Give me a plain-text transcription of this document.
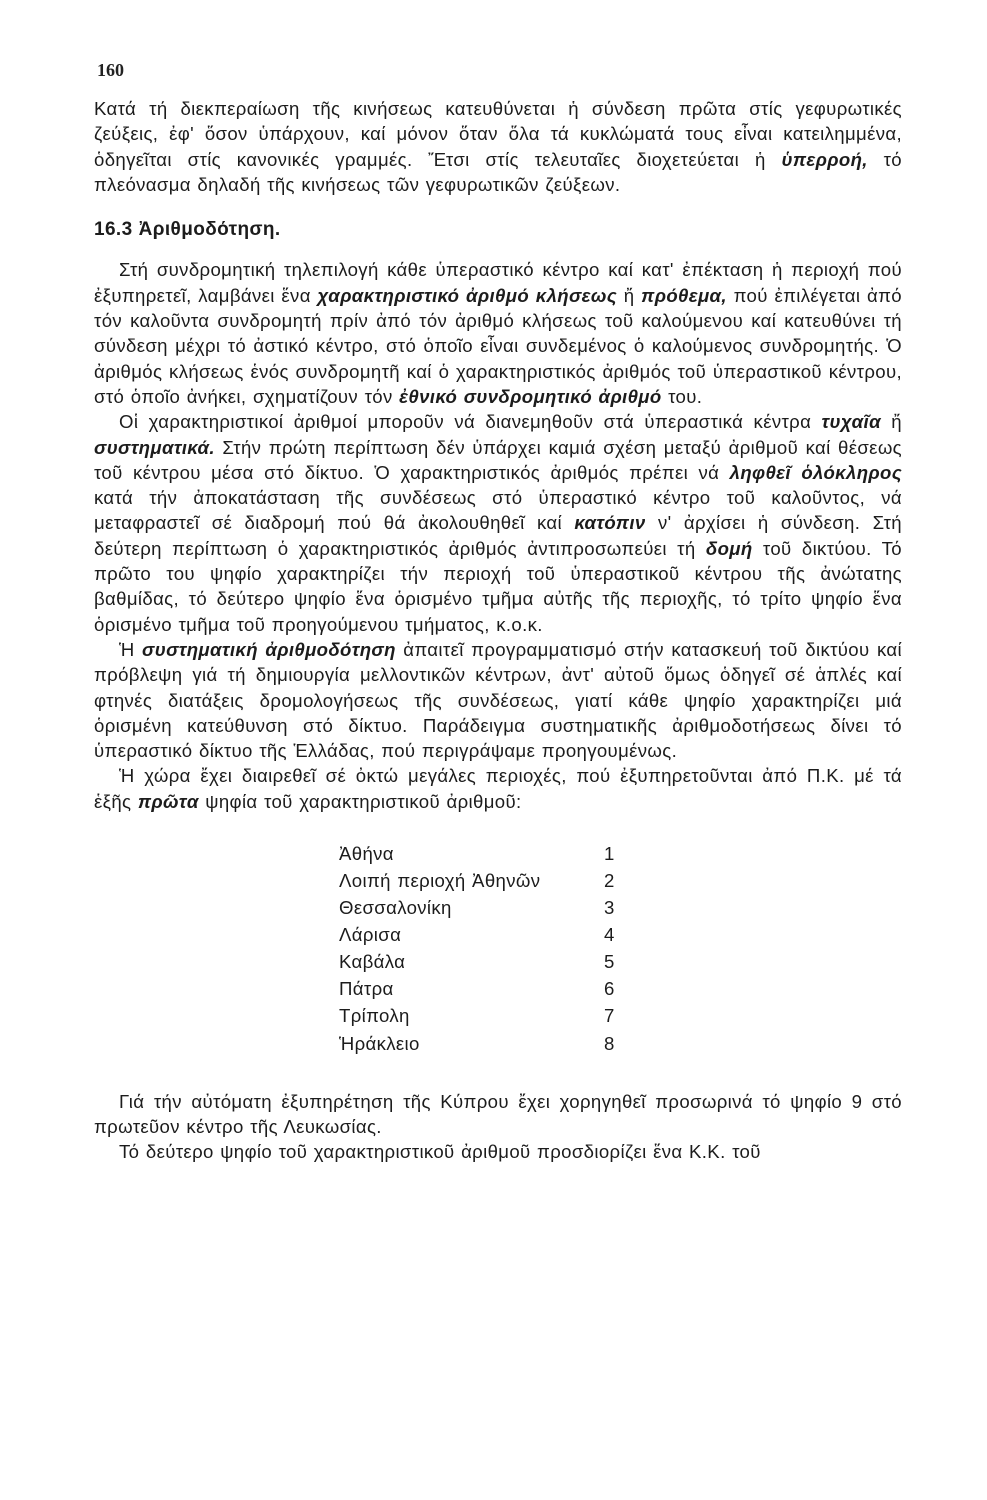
160

Κατά τή διεκπεραίωση τῆς κινήσεως κατευθύνεται ἡ σύνδεση πρῶτα στίς γεφυρωτικές ζεύξεις, ἐφ' ὅσον ὑπάρχουν, καί μόνον ὅταν ὅλα τά κυκλώματά τους εἶναι κατειλημμένα, ὁδηγεῖται στίς κανονικές γραμμές. Ἔτσι στίς τελευταῖες διοχετεύεται ἡ ὑπερροή, τό πλεόνασμα δηλαδή τῆς κινήσεως τῶν γεφυρωτικῶν ζεύξεων.

16.3 Ἀριθμοδότηση.

Στή συνδρομητική τηλεπιλογή κάθε ὑπεραστικό κέντρο καί κατ' ἐπέκταση ἡ περιοχή πού ἐξυπηρετεῖ, λαμβάνει ἕνα χαρακτηριστικό ἀριθμό κλήσεως ἤ πρόθεμα, πού ἐπιλέγεται ἀπό τόν καλοῦντα συνδρομητή πρίν ἀπό τόν ἀριθμό κλήσεως τοῦ καλούμενου καί κατευθύνει τή σύνδεση μέχρι τό ἀστικό κέντρο, στό ὁποῖο εἶναι συνδεμένος ὁ καλούμενος συνδρομητής. Ὁ ἀριθμός κλήσεως ἑνός συνδρομητῆ καί ὁ χαρακτηριστικός ἀριθμός τοῦ ὑπεραστικοῦ κέντρου, στό ὁποῖο ἀνήκει, σχηματίζουν τόν ἐθνικό συνδρομητικό ἀριθμό του.

Οἱ χαρακτηριστικοί ἀριθμοί μποροῦν νά διανεμηθοῦν στά ὑπεραστικά κέντρα τυχαῖα ἤ συστηματικά. Στήν πρώτη περίπτωση δέν ὑπάρχει καμιά σχέση μεταξύ ἀριθμοῦ καί θέσεως τοῦ κέντρου μέσα στό δίκτυο. Ὁ χαρακτηριστικός ἀριθμός πρέπει νά ληφθεῖ ὁλόκληρος κατά τήν ἀποκατάσταση τῆς συνδέσεως στό ὑπεραστικό κέντρο τοῦ καλοῦντος, νά μεταφραστεῖ σέ διαδρομή πού θά ἀκολουθηθεῖ καί κατόπιν ν' ἀρχίσει ἡ σύνδεση. Στή δεύτερη περίπτωση ὁ χαρακτηριστικός ἀριθμός ἀντιπροσωπεύει τή δομή τοῦ δικτύου. Τό πρῶτο του ψηφίο χαρακτηρίζει τήν περιοχή τοῦ ὑπεραστικοῦ κέντρου τῆς ἀνώτατης βαθμίδας, τό δεύτερο ψηφίο ἕνα ὁρισμένο τμῆμα αὐτῆς τῆς περιοχῆς, τό τρίτο ψηφίο ἕνα ὁρισμένο τμῆμα τοῦ προηγούμενου τμήματος, κ.ο.κ.

Ἡ συστηματική ἀριθμοδότηση ἀπαιτεῖ προγραμματισμό στήν κατασκευή τοῦ δικτύου καί πρόβλεψη γιά τή δημιουργία μελλοντικῶν κέντρων, ἀντ' αὐτοῦ ὅμως ὁδηγεῖ σέ ἁπλές καί φτηνές διατάξεις δρομολογήσεως τῆς συνδέσεως, γιατί κάθε ψηφίο χαρακτηρίζει μιά ὁρισμένη κατεύθυνση στό δίκτυο. Παράδειγμα συστηματικῆς ἀριθμοδοτήσεως δίνει τό ὑπεραστικό δίκτυο τῆς Ἑλλάδας, πού περιγράψαμε προηγουμένως.

Ἡ χώρα ἔχει διαιρεθεῖ σέ ὀκτώ μεγάλες περιοχές, πού ἐξυπηρετοῦνται ἀπό Π.Κ. μέ τά ἑξῆς πρῶτα ψηφία τοῦ χαρακτηριστικοῦ ἀριθμοῦ:

Ἀθήνα	1
Λοιπή περιοχή Ἀθηνῶν	2
Θεσσαλονίκη	3
Λάρισα	4
Καβάλα	5
Πάτρα	6
Τρίπολη	7
Ἡράκλειο	8

Γιά τήν αὐτόματη ἐξυπηρέτηση τῆς Κύπρου ἔχει χορηγηθεῖ προσωρινά τό ψηφίο 9 στό πρωτεῦον κέντρο τῆς Λευκωσίας.

Τό δεύτερο ψηφίο τοῦ χαρακτηριστικοῦ ἀριθμοῦ προσδιορίζει ἕνα Κ.Κ. τοῦ
